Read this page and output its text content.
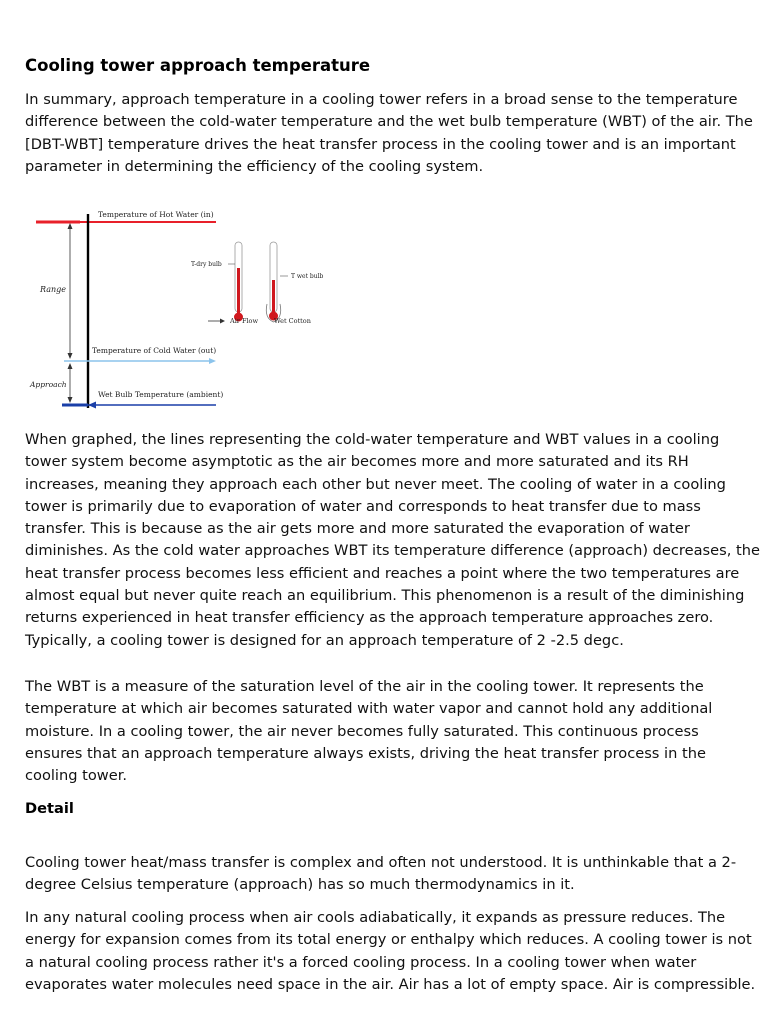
Cooling tower approach temperature

In summary, approach temperature in a cooling tower refers in a broad sense to the temperature difference between the cold-water temperature and the wet bulb temperature (WBT) of the air. The [DBT-WBT] temperature drives the heat transfer process in the cooling tower and is an important parameter in determining the efficiency of the cooling system.

Temperature of Hot Water (in)
Range
Temperature of Cold Water (out)
Approach
Wet Bulb Temperature (ambient)
T-dry bulb
T wet bulb
Air Flow Wet Cotton

When graphed, the lines representing the cold-water temperature and WBT values in a cooling tower system become asymptotic as the air becomes more and more saturated and its RH increases, meaning they approach each other but never meet. The cooling of water in a cooling tower is primarily due to evaporation of water and corresponds to heat transfer due to mass transfer. This is because as the air gets more and more saturated the evaporation of water diminishes. As the cold water approaches WBT its temperature difference (approach) decreases, the heat transfer process becomes less efficient and reaches a point where the two temperatures are almost equal but never quite reach an equilibrium. This phenomenon is a result of the diminishing returns experienced in heat transfer efficiency as the approach temperature approaches zero. Typically, a cooling tower is designed for an approach temperature of 2 -2.5 degc.

The WBT is a measure of the saturation level of the air in the cooling tower. It represents the temperature at which air becomes saturated with water vapor and cannot hold any additional moisture. In a cooling tower, the air never becomes fully saturated. This continuous process ensures that an approach temperature always exists, driving the heat transfer process in the cooling tower.

Detail

Cooling tower heat/mass transfer is complex and often not understood. It is unthinkable that a 2-degree Celsius temperature (approach) has so much thermodynamics in it.

In any natural cooling process when air cools adiabatically, it expands as pressure reduces. The energy for expansion comes from its total energy or enthalpy which reduces. A cooling tower is not a natural cooling process rather it's a forced cooling process. In a cooling tower when water evaporates water molecules need space in the air. Air has a lot of empty space. Air is compressible.
